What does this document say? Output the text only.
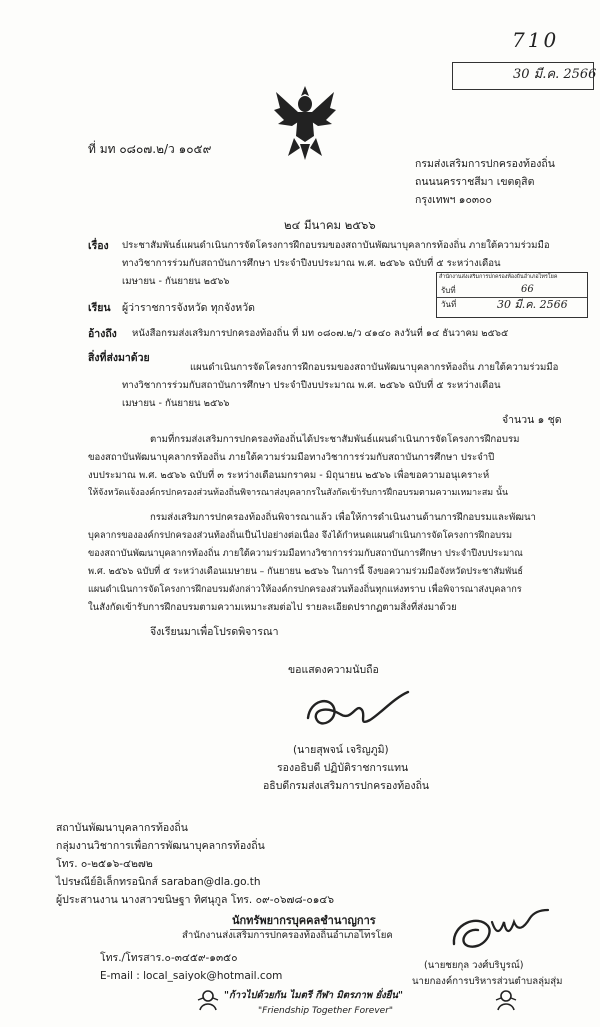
710
30 มี.ค. 2566
ที่ มท ๐๘๐๗.๒/ว ๑๐๕๙
กรมส่งเสริมการปกครองท้องถิ่น
ถนนนครราชสีมา เขตดุสิต
กรุงเทพฯ ๑๐๓๐๐
๒๔ มีนาคม ๒๕๖๖
เรื่อง ประชาสัมพันธ์แผนดำเนินการจัดโครงการฝึกอบรมของสถาบันพัฒนาบุคลากรท้องถิ่น ภายใต้ความร่วมมือ
ทางวิชาการร่วมกับสถาบันการศึกษา ประจำปีงบประมาณ พ.ศ. ๒๕๖๖ ฉบับที่ ๕ ระหว่างเดือน
เมษายน - กันยายน ๒๕๖๖	สำนักงานส่งเสริมการปกครองท้องถิ่นอำเภอไทรโยค
รับที่	66
วันที่	30 มี.ค. 2566
เรียน ผู้ว่าราชการจังหวัด ทุกจังหวัด
อ้างถึง หนังสือกรมส่งเสริมการปกครองท้องถิ่น ที่ มท ๐๘๐๗.๒/ว ๔๑๔๐ ลงวันที่ ๑๔ ธันวาคม ๒๕๖๕
สิ่งที่ส่งมาด้วย
แผนดำเนินการจัดโครงการฝึกอบรมของสถาบันพัฒนาบุคลากรท้องถิ่น ภายใต้ความร่วมมือ
ทางวิชาการร่วมกับสถาบันการศึกษา ประจำปีงบประมาณ พ.ศ. ๒๕๖๖ ฉบับที่ ๕ ระหว่างเดือน
เมษายน - กันยายน ๒๕๖๖
จำนวน ๑ ชุด
ตามที่กรมส่งเสริมการปกครองท้องถิ่นได้ประชาสัมพันธ์แผนดำเนินการจัดโครงการฝึกอบรม
ของสถาบันพัฒนาบุคลากรท้องถิ่น ภายใต้ความร่วมมือทางวิชาการร่วมกับสถาบันการศึกษา ประจำปี
งบประมาณ พ.ศ. ๒๕๖๖ ฉบับที่ ๓ ระหว่างเดือนมกราคม - มิถุนายน ๒๕๖๖ เพื่อขอความอนุเคราะห์
ให้จังหวัดแจ้งองค์กรปกครองส่วนท้องถิ่นพิจารณาส่งบุคลากรในสังกัดเข้ารับการฝึกอบรมตามความเหมาะสม นั้น
กรมส่งเสริมการปกครองท้องถิ่นพิจารณาแล้ว เพื่อให้การดำเนินงานด้านการฝึกอบรมและพัฒนา
บุคลากรขององค์กรปกครองส่วนท้องถิ่นเป็นไปอย่างต่อเนื่อง จึงได้กำหนดแผนดำเนินการจัดโครงการฝึกอบรม
ของสถาบันพัฒนาบุคลากรท้องถิ่น ภายใต้ความร่วมมือทางวิชาการร่วมกับสถาบันการศึกษา ประจำปีงบประมาณ
พ.ศ. ๒๕๖๖ ฉบับที่ ๕ ระหว่างเดือนเมษายน – กันยายน ๒๕๖๖ ในการนี้ จึงขอความร่วมมือจังหวัดประชาสัมพันธ์
แผนดำเนินการจัดโครงการฝึกอบรมดังกล่าวให้องค์กรปกครองส่วนท้องถิ่นทุกแห่งทราบ เพื่อพิจารณาส่งบุคลากร
ในสังกัดเข้ารับการฝึกอบรมตามความเหมาะสมต่อไป รายละเอียดปรากฏตามสิ่งที่ส่งมาด้วย
จึงเรียนมาเพื่อโปรดพิจารณา
ขอแสดงความนับถือ
(นายสุพจน์ เจริญภูมิ)
รองอธิบดี ปฏิบัติราชการแทน
อธิบดีกรมส่งเสริมการปกครองท้องถิ่น
สถาบันพัฒนาบุคลากรท้องถิ่น
กลุ่มงานวิชาการเพื่อการพัฒนาบุคลากรท้องถิ่น
โทร. ๐-๒๕๑๖-๔๒๗๒
ไปรษณีย์อิเล็กทรอนิกส์ saraban@dla.go.th
ผู้ประสานงาน นางสาวขนิษฐา ทิศนุกูล โทร. ๐๙-๐๖๗๘-๐๑๔๖
นักทรัพยากรบุคคลชำนาญการ
สำนักงานส่งเสริมการปกครองท้องถิ่นอำเภอไทรโยค
โทร./โทรสาร.๐-๓๔๕๙-๑๓๕๐
E-mail : local_saiyok@hotmail.com
"ก้าวไปด้วยกัน ไมตรี กีฬา มิตรภาพ ยั่งยืน"
"Friendship Together Forever"
(นายชยกุล วงศ์บริบูรณ์)
นายกองค์การบริหารส่วนตำบลลุ่มสุ่ม
